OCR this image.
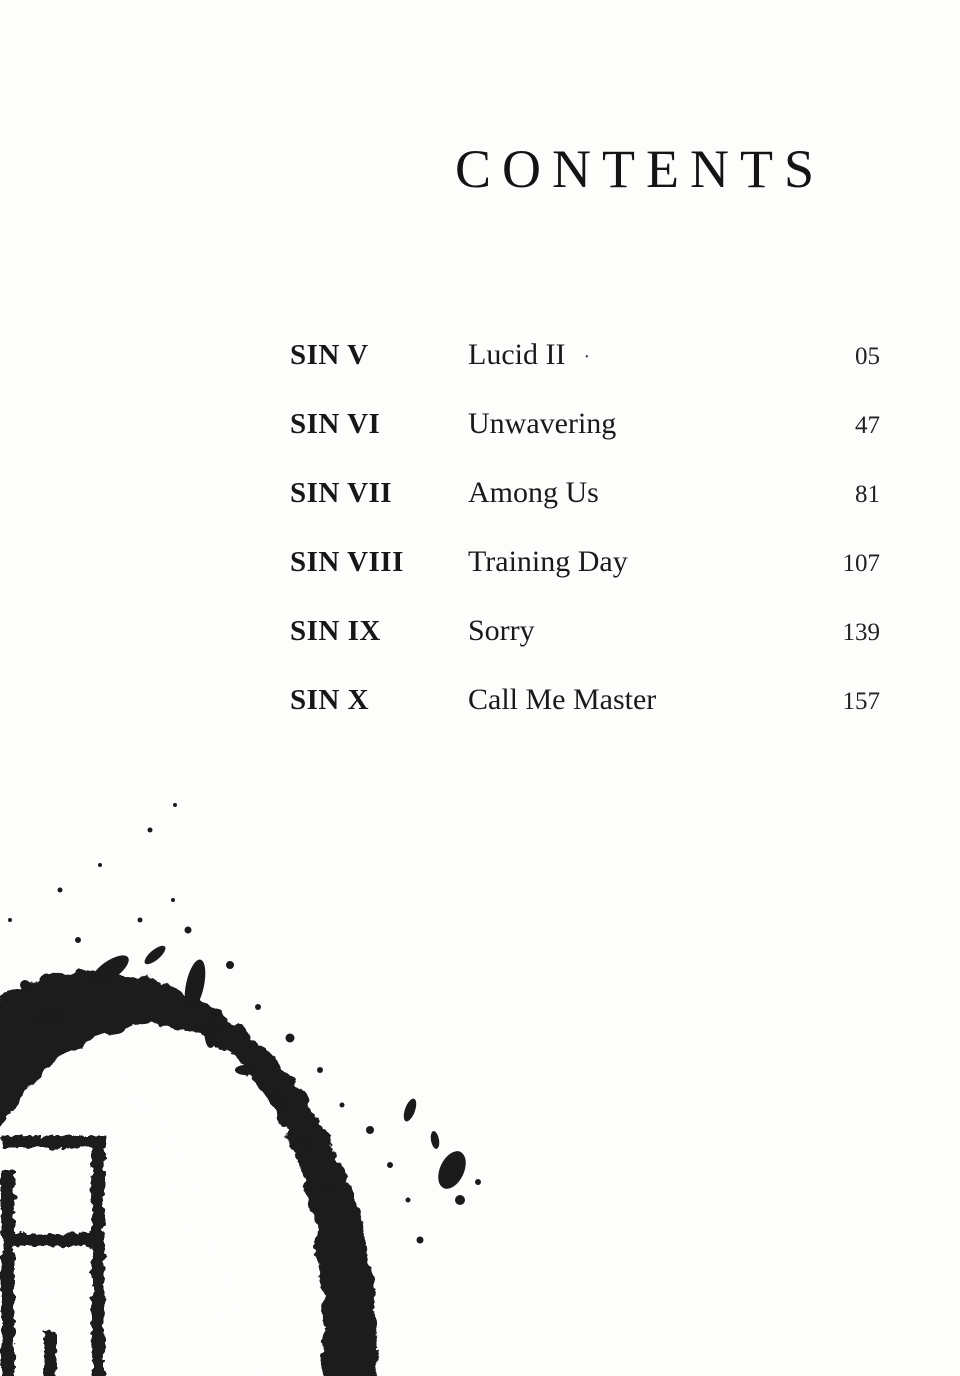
CONTENTS
SIN V	Lucid II ·	05
SIN VI	Unwavering	47
SIN VII	Among Us	81
SIN VIII	Training Day	107
SIN IX	Sorry	139
SIN X	Call Me Master	157
